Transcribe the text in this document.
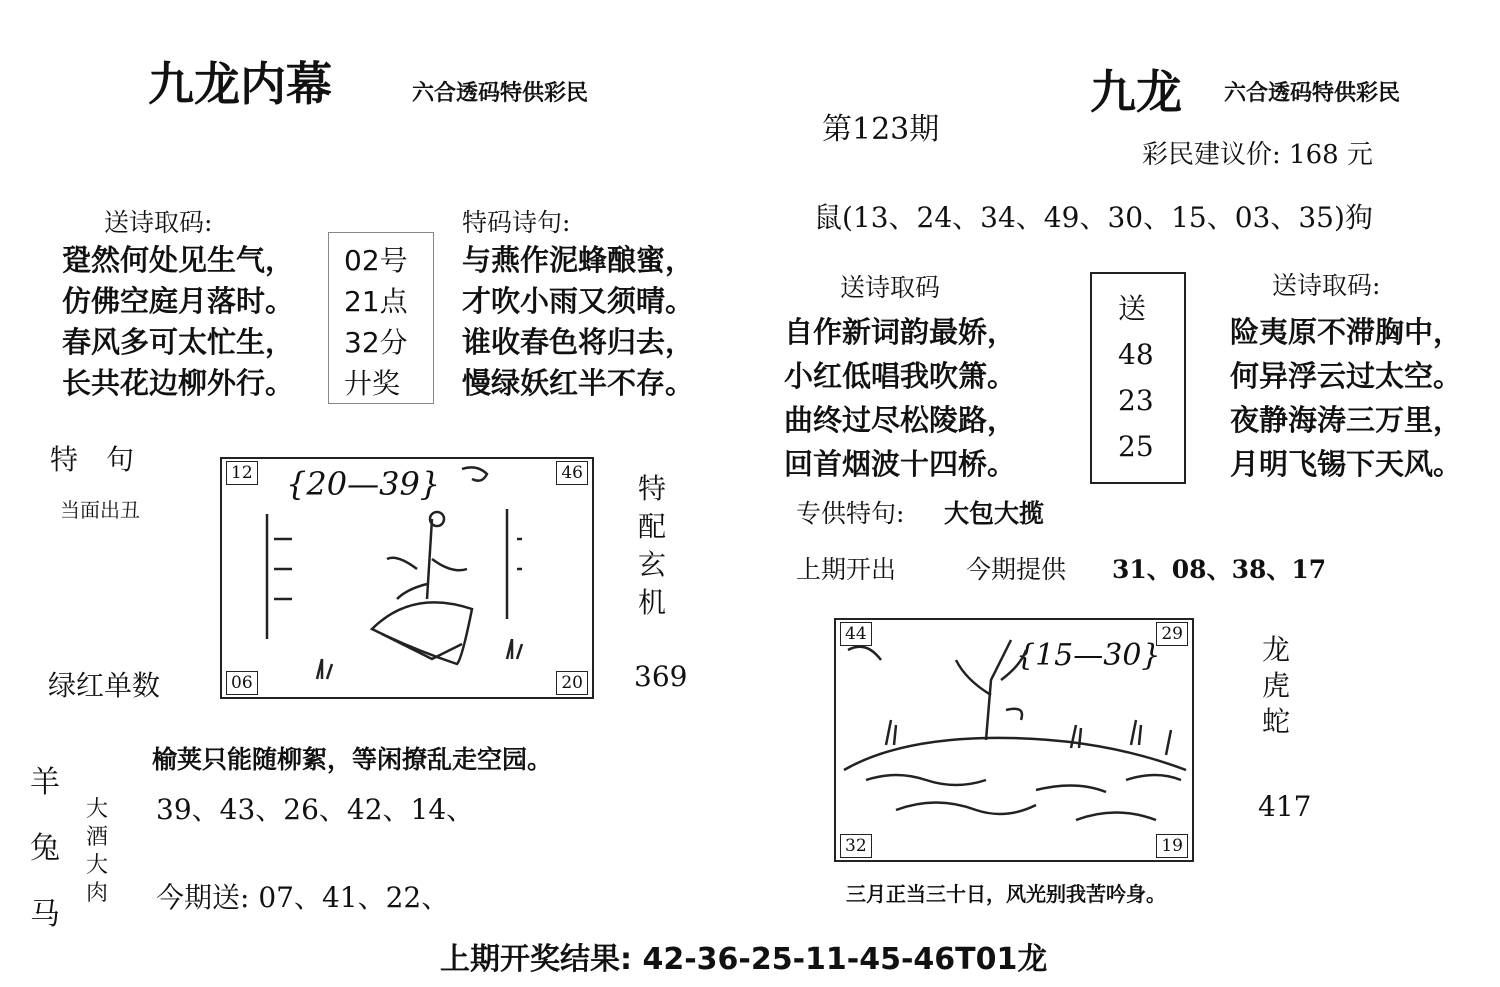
九龙内幕	六合透码特供彩民
送诗取码:
跫然何处见生气，
仿佛空庭月落时。
春风多可太忙生，
长共花边柳外行。
02号
21点
32分
廾奖
特码诗句:
与燕作泥蜂酿蜜，
才吹小雨又须晴。
谁收春色将归去，
慢绿妖红半不存。
特　句
当面出丑
绿红单数
12	46
06	20
{20—39}	特
配
玄
机
369
羊
兔
马
大
酒
大
肉
榆荚只能随柳絮，等闲撩乱走空园。
39、43、26、42、14、
今期送: 07、41、22、
第123期
九龙 六合透码特供彩民
彩民建议价: 168 元
鼠(13、24、34、49、30、15、03、35)狗
送诗取码
自作新词韵最娇，
小红低唱我吹箫。
曲终过尽松陵路，
回首烟波十四桥。
送
48
23
25
送诗取码:
险夷原不滞胸中，
何异浮云过太空。
夜静海涛三万里，
月明飞锡下天风。
专供特句: 大包大揽
上期开出	今期提供 31、08、38、17
44	29
32	19
{15—30}	龙
虎
蛇
417
三月正当三十日，风光别我苦吟身。
上期开奖结果: 42-36-25-11-45-46T01龙
